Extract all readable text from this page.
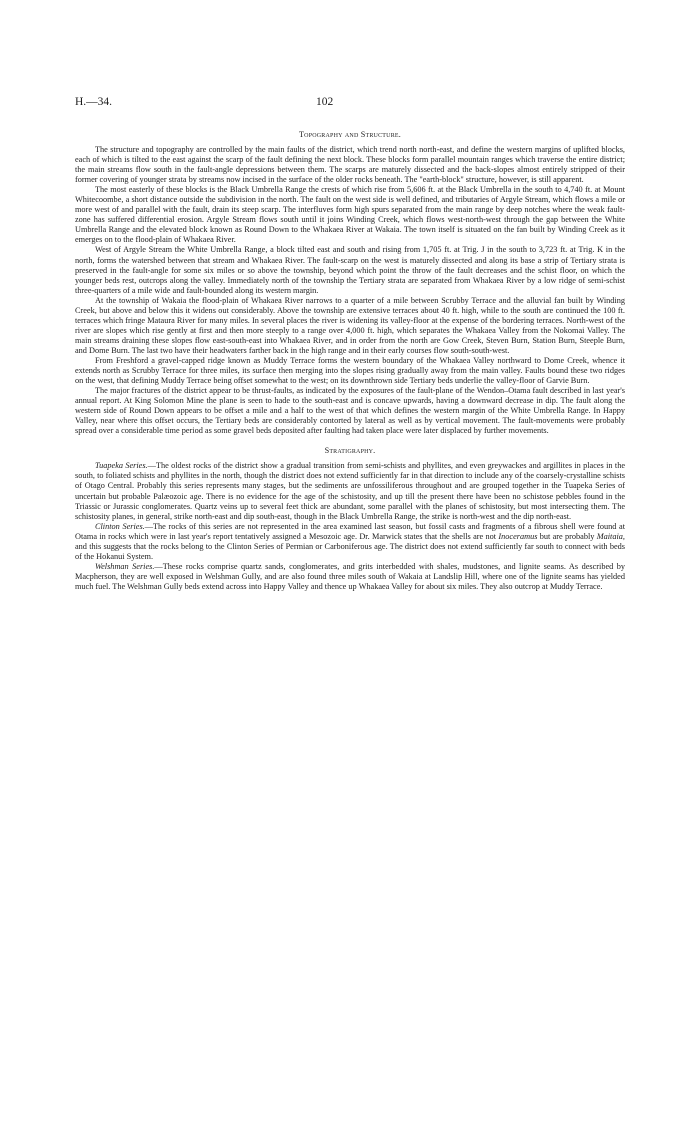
H.—34.	102
Topography and Structure.

The structure and topography are controlled by the main faults of the district, which trend north north-east, and define the western margins of uplifted blocks, each of which is tilted to the east against the scarp of the fault defining the next block. These blocks form parallel mountain ranges which traverse the entire district; the main streams flow south in the fault-angle depressions between them. The scarps are maturely dissected and the back-slopes almost entirely stripped of their former covering of younger strata by streams now incised in the surface of the older rocks beneath. The "earth-block" structure, however, is still apparent.

The most easterly of these blocks is the Black Umbrella Range the crests of which rise from 5,606 ft. at the Black Umbrella in the south to 4,740 ft. at Mount Whitecoombe, a short distance outside the subdivision in the north. The fault on the west side is well defined, and tributaries of Argyle Stream, which flows a mile or more west of and parallel with the fault, drain its steep scarp. The interfluves form high spurs separated from the main range by deep notches where the weak fault-zone has suffered differential erosion. Argyle Stream flows south until it joins Winding Creek, which flows west-north-west through the gap between the White Umbrella Range and the elevated block known as Round Down to the Whakaea River at Wakaia. The town itself is situated on the fan built by Winding Creek as it emerges on to the flood-plain of Whakaea River.

West of Argyle Stream the White Umbrella Range, a block tilted east and south and rising from 1,705 ft. at Trig. J in the south to 3,723 ft. at Trig. K in the north, forms the watershed between that stream and Whakaea River. The fault-scarp on the west is maturely dissected and along its base a strip of Tertiary strata is preserved in the fault-angle for some six miles or so above the township, beyond which point the throw of the fault decreases and the schist floor, on which the younger beds rest, outcrops along the valley. Immediately north of the township the Tertiary strata are separated from Whakaea River by a low ridge of semi-schist three-quarters of a mile wide and fault-bounded along its western margin.

At the township of Wakaia the flood-plain of Whakaea River narrows to a quarter of a mile between Scrubby Terrace and the alluvial fan built by Winding Creek, but above and below this it widens out considerably. Above the township are extensive terraces about 40 ft. high, while to the south are continued the 100 ft. terraces which fringe Mataura River for many miles. In several places the river is widening its valley-floor at the expense of the bordering terraces. North-west of the river are slopes which rise gently at first and then more steeply to a range over 4,000 ft. high, which separates the Whakaea Valley from the Nokomai Valley. The main streams draining these slopes flow east-south-east into Whakaea River, and in order from the north are Gow Creek, Steven Burn, Station Burn, Steeple Burn, and Dome Burn. The last two have their headwaters farther back in the high range and in their early courses flow south-south-west.

From Freshford a gravel-capped ridge known as Muddy Terrace forms the western boundary of the Whakaea Valley northward to Dome Creek, whence it extends north as Scrubby Terrace for three miles, its surface then merging into the slopes rising gradually away from the main valley. Faults bound these two ridges on the west, that defining Muddy Terrace being offset somewhat to the west; on its downthrown side Tertiary beds underlie the valley-floor of Garvie Burn.

The major fractures of the district appear to be thrust-faults, as indicated by the exposures of the fault-plane of the Wendon–Otama fault described in last year's annual report. At King Solomon Mine the plane is seen to hade to the south-east and is concave upwards, having a downward decrease in dip. The fault along the western side of Round Down appears to be offset a mile and a half to the west of that which defines the western margin of the White Umbrella Range. In Happy Valley, near where this offset occurs, the Tertiary beds are considerably contorted by lateral as well as by vertical movement. The fault-movements were probably spread over a considerable time period as some gravel beds deposited after faulting had taken place were later displaced by further movements.

Stratigraphy.

Tuapeka Series.—The oldest rocks of the district show a gradual transition from semi-schists and phyllites, and even greywackes and argillites in places in the south, to foliated schists and phyllites in the north, though the district does not extend sufficiently far in that direction to include any of the coarsely-crystalline schists of Otago Central. Probably this series represents many stages, but the sediments are unfossiliferous throughout and are grouped together in the Tuapeka Series of uncertain but probable Palæozoic age. There is no evidence for the age of the schistosity, and up till the present there have been no schistose pebbles found in the Triassic or Jurassic conglomerates. Quartz veins up to several feet thick are abundant, some parallel with the planes of schistosity, but most intersecting them. The schistosity planes, in general, strike north-east and dip south-east, though in the Black Umbrella Range, the strike is north-west and the dip north-east.

Clinton Series.—The rocks of this series are not represented in the area examined last season, but fossil casts and fragments of a fibrous shell were found at Otama in rocks which were in last year's report tentatively assigned a Mesozoic age. Dr. Marwick states that the shells are not Inoceramus but are probably Maitaia, and this suggests that the rocks belong to the Clinton Series of Permian or Carboniferous age. The district does not extend sufficiently far south to connect with beds of the Hokanui System.

Welshman Series.—These rocks comprise quartz sands, conglomerates, and grits interbedded with shales, mudstones, and lignite seams. As described by Macpherson, they are well exposed in Welshman Gully, and are also found three miles south of Wakaia at Landslip Hill, where one of the lignite seams has yielded much fuel. The Welshman Gully beds extend across into Happy Valley and thence up Whakaea Valley for about six miles. They also outcrop at Muddy Terrace.
